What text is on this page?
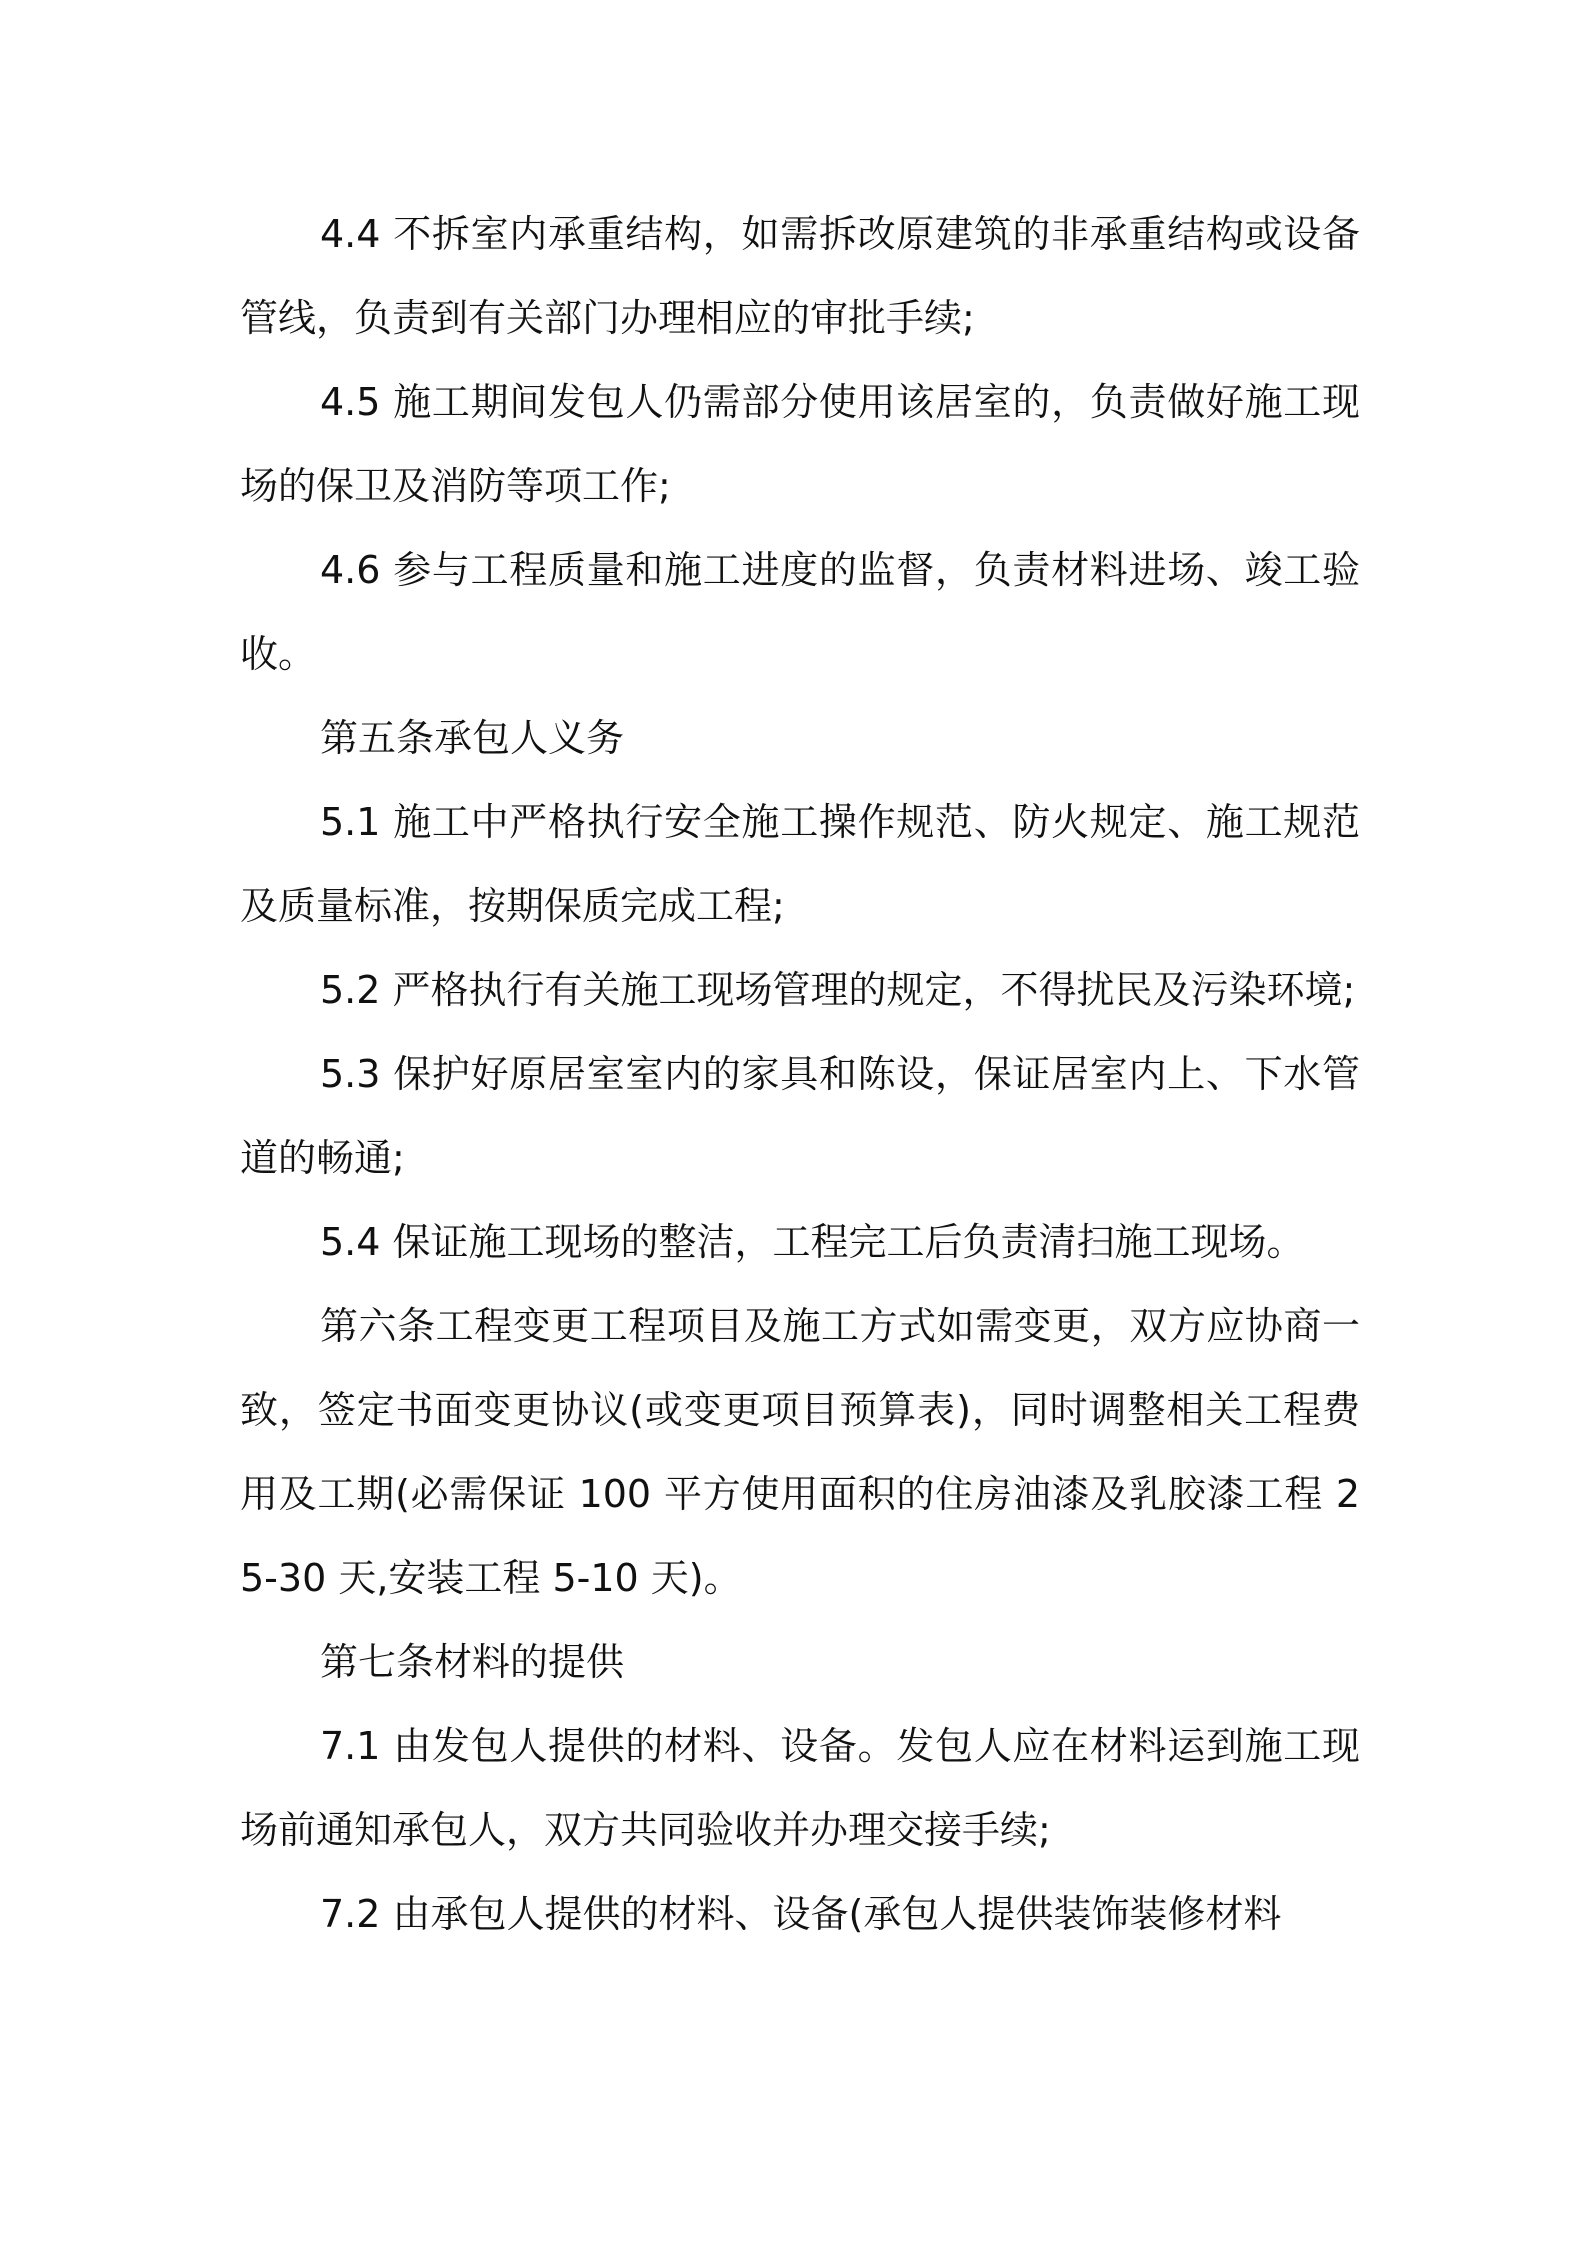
4.4 不拆室内承重结构，如需拆改原建筑的非承重结构或设备管线，负责到有关部门办理相应的审批手续;

4.5 施工期间发包人仍需部分使用该居室的，负责做好施工现场的保卫及消防等项工作;

4.6 参与工程质量和施工进度的监督，负责材料进场、竣工验收。

第五条承包人义务

5.1 施工中严格执行安全施工操作规范、防火规定、施工规范及质量标准，按期保质完成工程;

5.2 严格执行有关施工现场管理的规定，不得扰民及污染环境;

5.3 保护好原居室室内的家具和陈设，保证居室内上、下水管道的畅通;

5.4 保证施工现场的整洁，工程完工后负责清扫施工现场。

第六条工程变更工程项目及施工方式如需变更，双方应协商一致，签定书面变更协议(或变更项目预算表)，同时调整相关工程费用及工期(必需保证 100 平方使用面积的住房油漆及乳胶漆工程 25-30 天,安装工程 5-10 天)。

第七条材料的提供

7.1 由发包人提供的材料、设备。发包人应在材料运到施工现场前通知承包人，双方共同验收并办理交接手续;

7.2 由承包人提供的材料、设备(承包人提供装饰装修材料
